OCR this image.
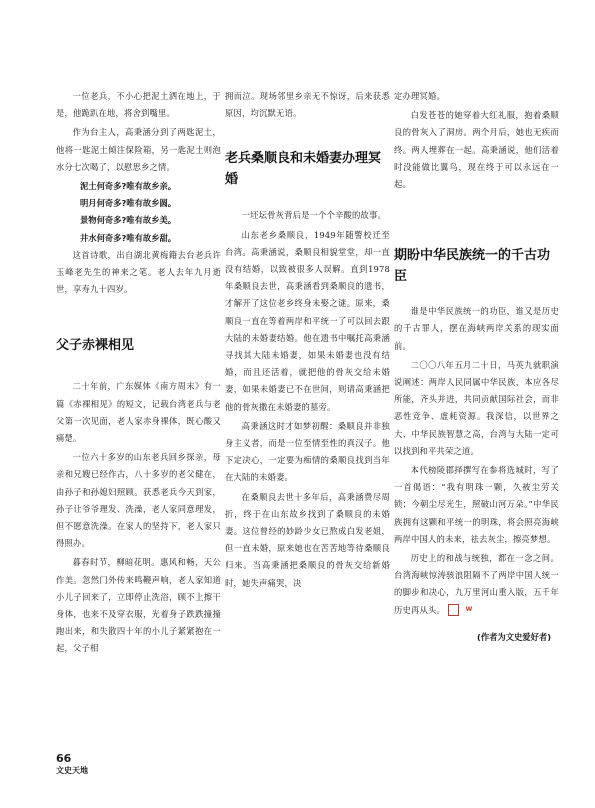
一位老兵，不小心把泥土洒在地上，于是，他跪趴在地，将舍到嘴里。

作为台主人，高秉涵分到了两匙泥土，他将一匙泥土倾注保险箱，另一匙泥土则泡水分七次喝了，以慰思乡之情。

泥土何奇多?唯有故乡亲。

明月何奇多?唯有故乡圆。

景物何奇多?唯有故乡美。

井水何奇多?唯有故乡甜。

这首诗歌，出自湖北黄梅籍去台老兵许玉峰老先生的神来之笔。老人去年九月逝世，享寿九十四岁。

父子赤裸相见

二十年前，广东媒体《南方周末》有一篇《赤裸相见》的短文，记载台湾老兵与老父第一次见面，老人家赤身裸体，既心酸又痛楚。

一位六十多岁的山东老兵回乡探亲，母亲和兄嫂已经作古，八十多岁的老父健在，由孙子和孙媳妇照顾。获悉老兵今天到家，孙子让爷爷理发、洗澡，老人家同意理发，但不愿意洗澡。在家人的坚持下，老人家只得照办。

暮春时节，柳暗花明。惠风和畅，天公作美。忽然门外传来鸣鞭声响，老人家知道小儿子回来了，立即停止洗浴，顾不上擦干身体，也来不及穿衣服，光着身子跌跌撞撞跑出来，和失散四十年的小儿子紧紧抱在一起，父子相

拥而泣。现场邻里乡亲无不惊讶，后来获悉原因，均沉默无语。

老兵桑顺良和未婚妻办理冥婚

一坯坛骨灰背后是一个个辛酸的故事。

山东老乡桑顺良，1949年随警校迁至台湾。高秉涵说，桑顺良相貌堂堂，却一直没有结婚，以致被很多人误解。直到1978年桑顺良去世，高秉涵看到桑顺良的遗书，才解开了这位老乡终身未娶之谜。原来，桑顺良一直在等着两岸和平统一了可以回去跟大陆的未婚妻结婚。他在遗书中嘱托高秉涵寻找其大陆未婚妻，如果未婚妻也没有结婚，而且还活着，就把他的骨灰交给未婚妻，如果未婚妻已不在世间，则请高秉涵把他的骨灰撒在未婚妻的墓旁。

高秉涵这时才如梦初醒：桑顺良并非独身主义者，而是一位至情至性的真汉子。他下定决心，一定要为痴情的桑顺良找到当年在大陆的未婚妻。

在桑顺良去世十多年后，高秉涵费尽周折，终于在山东故乡找到了桑顺良的未婚妻。这位曾经的妙龄少女已熬成白发老姐，但一直未婚，原来她也在苦苦地等待桑顺良归来。当高秉涵把桑顺良的骨灰交给新婚时，她失声痛哭，决

定办理冥婚。

白发苍苍的她穿着大红礼服，抱着桑顺良的骨灰入了洞房。两个月后，她也无疾而终。两人埋葬在一起。高秉涵说，他们活着时没能做比翼鸟，现在终于可以永远在一起。

期盼中华民族统一的千古功臣

谁是中华民族统一的功臣，谁又是历史的千古罪人，摆在海峡两岸关系的现实面前。

二〇〇八年五月二十日，马英九就职演说阐述：两岸人民同属中华民族，本应各尽所能，齐头并进，共同贡献国际社会，而非恶性竞争、虚耗资源。我深信，以世界之大、中华民族智慧之高，台湾与大陆一定可以找到和平共荣之道。

本代榜陵郡择撰写在参将选城时，写了一首偈语：“我有明珠一颗，久被尘劳关锁；今朝尘尽光生，照破山河万朵。”中华民族拥有这颗和平统一的明珠，将会照亮海峡两岸中国人的未来，祛去灰尘，擦亮梦想。

历史上的和战与统独，都在一念之间。台湾海峡惊涛骇浪阻隔不了两岸中国人统一的脚步和决心，九万里河山重入版，五千年历史再从头。	W

(作者为文史爱好者)
66
文史天地
